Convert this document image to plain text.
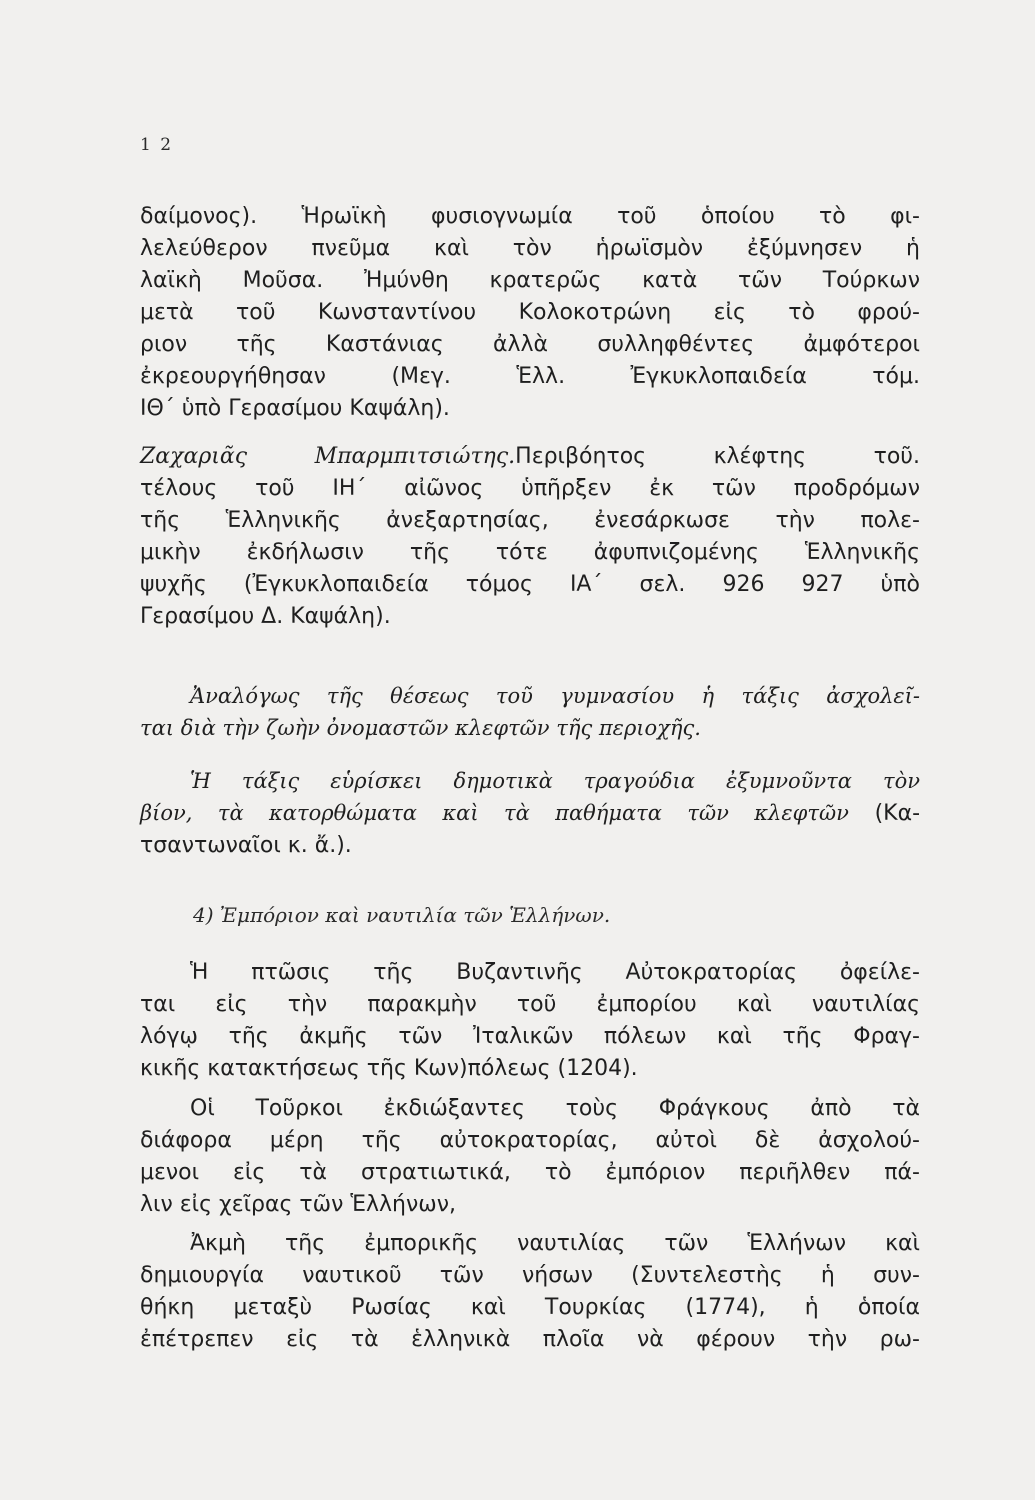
1 2
δαίμονος). Ἡρωϊκὴ φυσιογνωμία τοῦ ὁποίου τὸ φι-
λελεύθερον πνεῦμα καὶ τὸν ἡρωϊσμὸν ἐξύμνησεν ἡ
λαϊκὴ Μοῦσα. Ἠμύνθη κρατερῶς κατὰ τῶν Τούρκων
μετὰ τοῦ Κωνσταντίνου Κολοκοτρώνη εἰς τὸ φρού-
ριον τῆς Καστάνιας ἀλλὰ συλληφθέντες ἀμφότεροι
ἐκρεουργήθησαν (Μεγ. Ἑλλ. Ἐγκυκλοπαιδεία τόμ.
ΙΘ΄ ὑπὸ Γερασίμου Καψάλη).
Ζαχαριᾶς Μπαρμπιτσιώτης.Περιβόητος κλέφτης τοῦ.
τέλους τοῦ ΙΗ΄ αἰῶνος ὑπῆρξεν ἐκ τῶν προδρόμων
τῆς Ἑλληνικῆς ἀνεξαρτησίας, ἐνεσάρκωσε τὴν πολε-
μικὴν ἐκδήλωσιν τῆς τότε ἀφυπνιζομένης Ἑλληνικῆς
ψυχῆς (Ἐγκυκλοπαιδεία τόμος ΙΑ΄ σελ. 926 927 ὑπὸ
Γερασίμου Δ. Καψάλη).
Ἀναλόγως τῆς θέσεως τοῦ γυμνασίου ἡ τάξις ἀσχολεῖ-
ται διὰ τὴν ζωὴν ὀνομαστῶν κλεφτῶν τῆς περιοχῆς.
Ἡ τάξις εὑρίσκει δημοτικὰ τραγούδια ἐξυμνοῦντα τὸν
βίον, τὰ κατορθώματα καὶ τὰ παθήματα τῶν κλεφτῶν (Κα-
τσαντωναῖοι κ. ἄ.).
4) Ἐμπόριον καὶ ναυτιλία τῶν Ἑλλήνων.
Ἡ πτῶσις τῆς Βυζαντινῆς Αὐτοκρατορίας ὀφείλε-
ται εἰς τὴν παρακμὴν τοῦ ἐμπορίου καὶ ναυτιλίας
λόγῳ τῆς ἀκμῆς τῶν Ἰταλικῶν πόλεων καὶ τῆς Φραγ-
κικῆς κατακτήσεως τῆς Κων)πόλεως (1204).
Οἱ Τοῦρκοι ἐκδιώξαντες τοὺς Φράγκους ἀπὸ τὰ
διάφορα μέρη τῆς αὐτοκρατορίας, αὐτοὶ δὲ ἀσχολού-
μενοι εἰς τὰ στρατιωτικά, τὸ ἐμπόριον περιῆλθεν πά-
λιν εἰς χεῖρας τῶν Ἑλλήνων,
Ἀκμὴ τῆς ἐμπορικῆς ναυτιλίας τῶν Ἑλλήνων καὶ
δημιουργία ναυτικοῦ τῶν νήσων (Συντελεστὴς ἡ συν-
θήκη μεταξὺ Ρωσίας καὶ Τουρκίας (1774), ἡ ὁποία
ἐπέτρεπεν εἰς τὰ ἑλληνικὰ πλοῖα νὰ φέρουν τὴν ρω-
